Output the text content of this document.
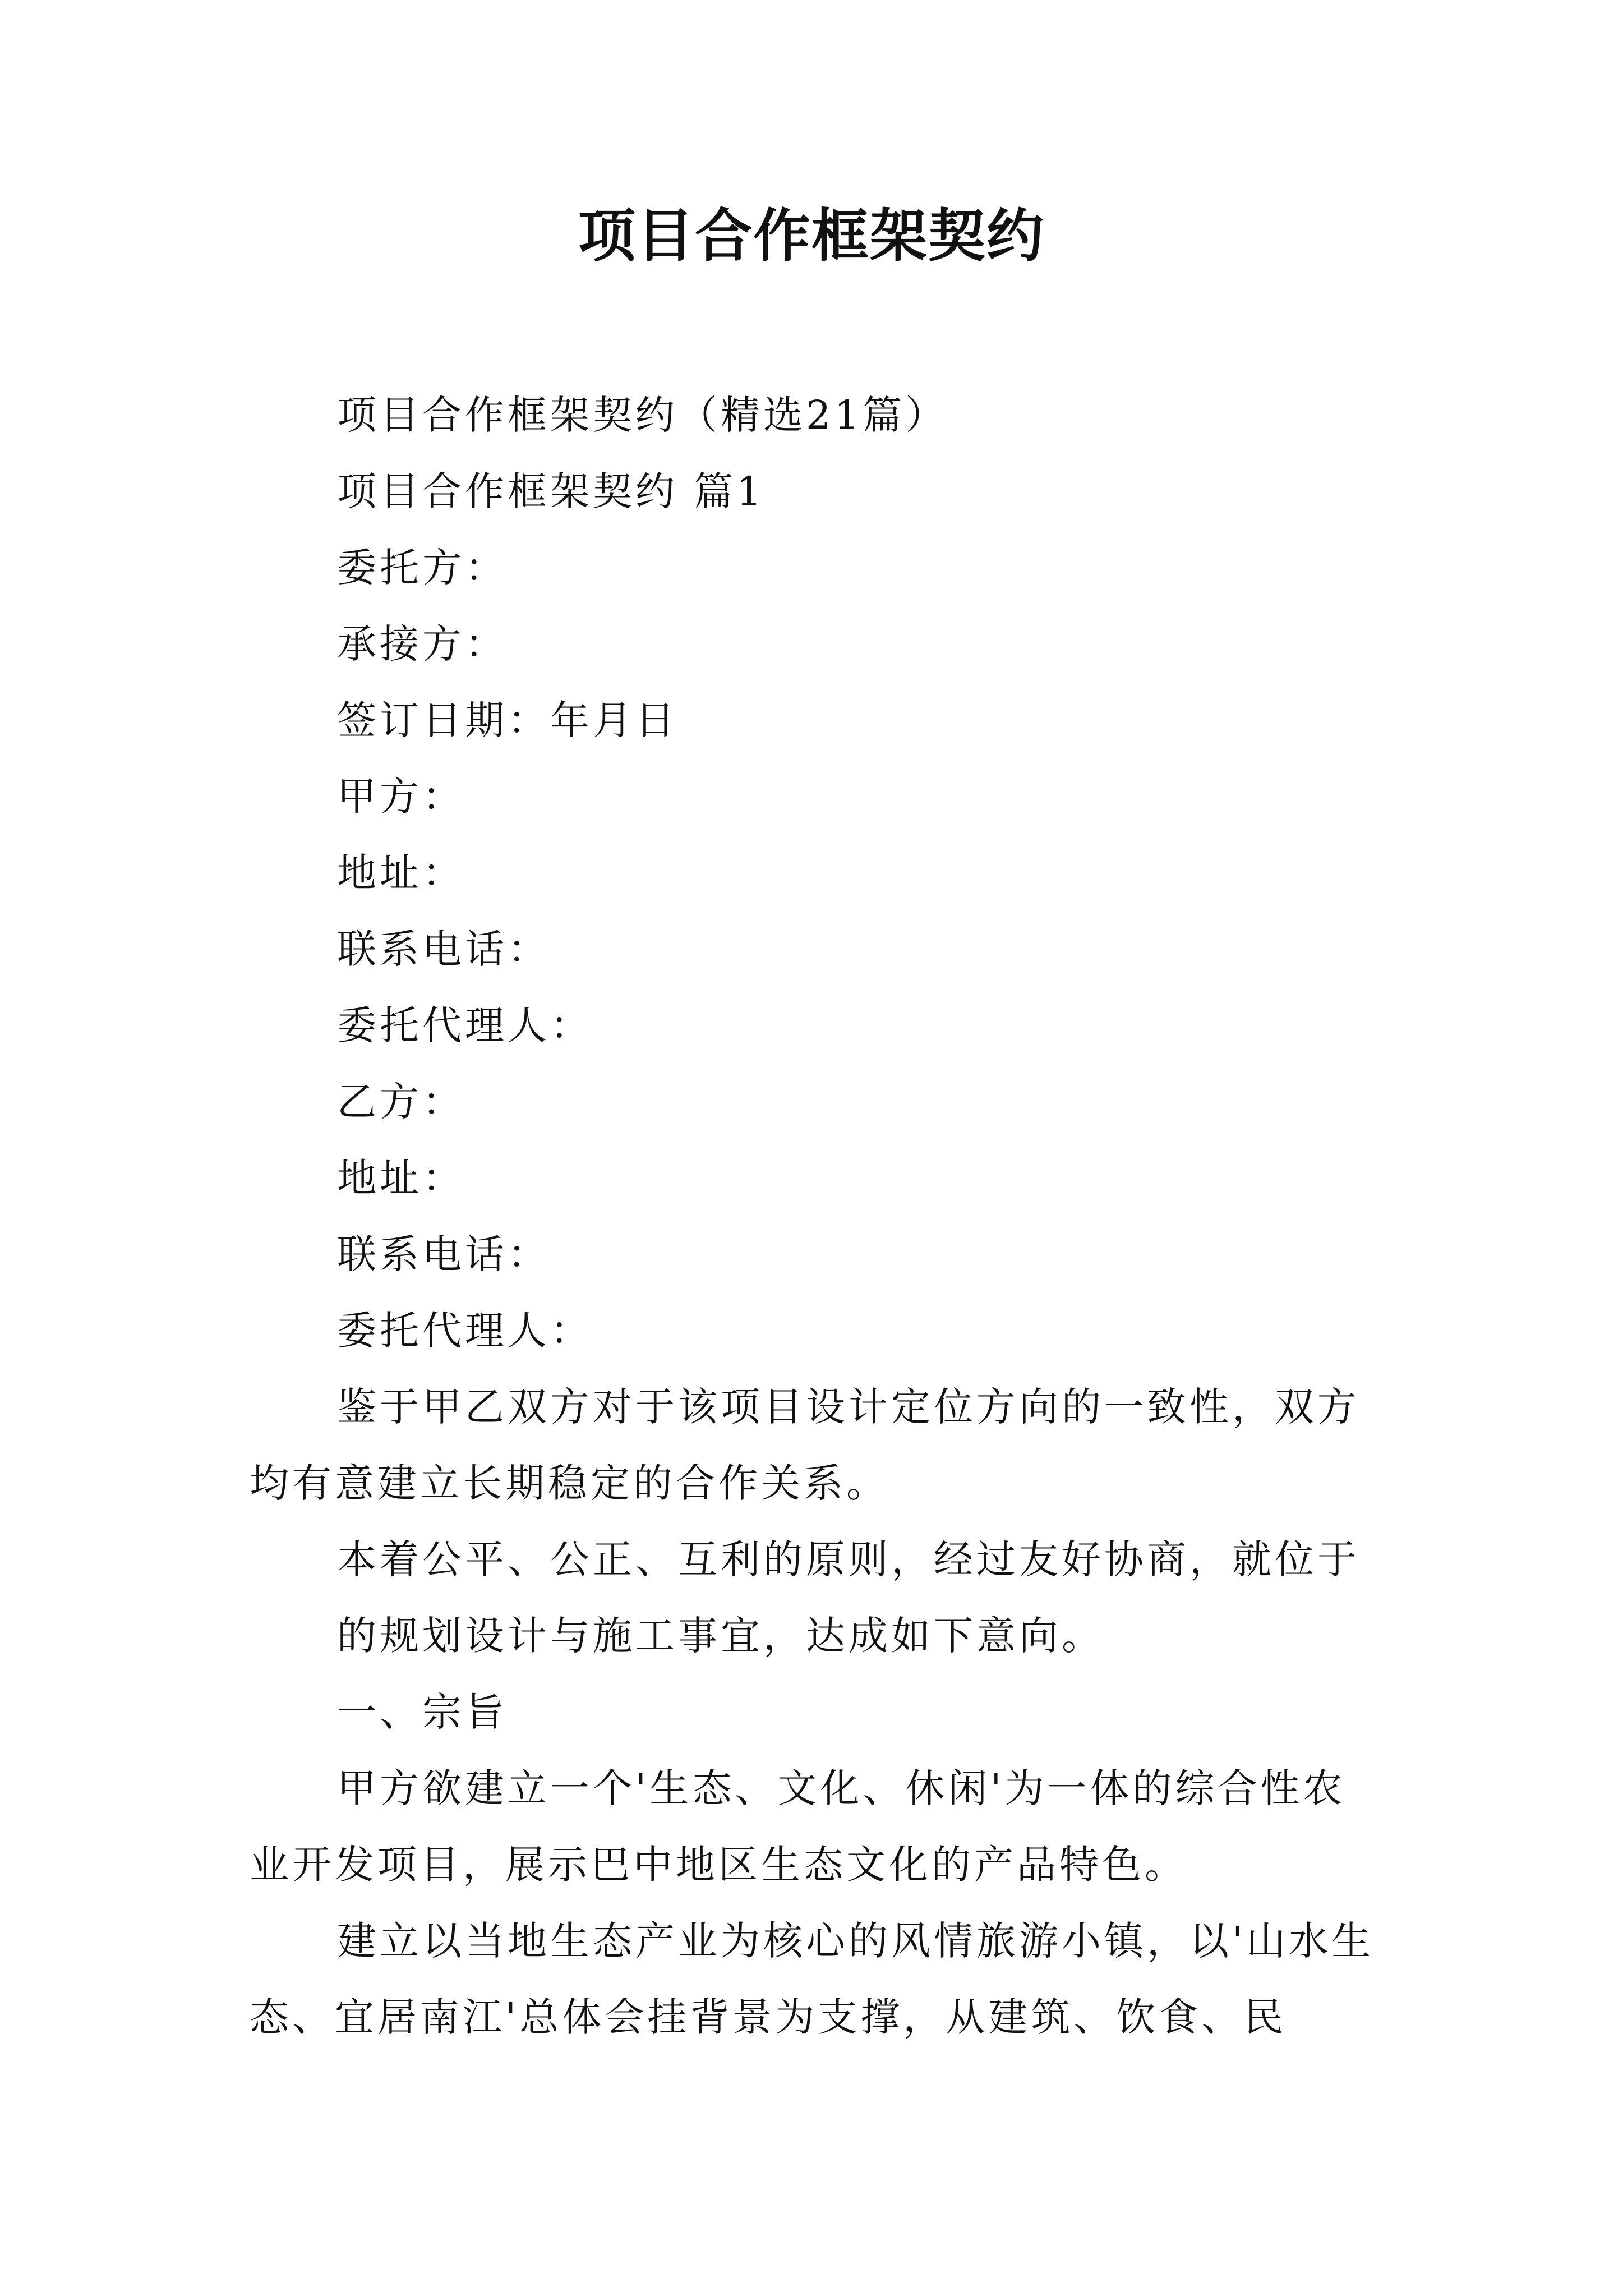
项目合作框架契约

项目合作框架契约（精选21篇）

项目合作框架契约 篇1

委托方：

承接方：

签订日期：年月日

甲方：

地址：

联系电话：

委托代理人：

乙方：

地址：

联系电话：

委托代理人：

鉴于甲乙双方对于该项目设计定位方向的一致性，双方均有意建立长期稳定的合作关系。

本着公平、公正、互利的原则，经过友好协商，就位于

的规划设计与施工事宜，达成如下意向。

一、宗旨

甲方欲建立一个'生态、文化、休闲'为一体的综合性农业开发项目，展示巴中地区生态文化的产品特色。

建立以当地生态产业为核心的风情旅游小镇，以'山水生态、宜居南江'总体会挂背景为支撑，从建筑、饮食、民
